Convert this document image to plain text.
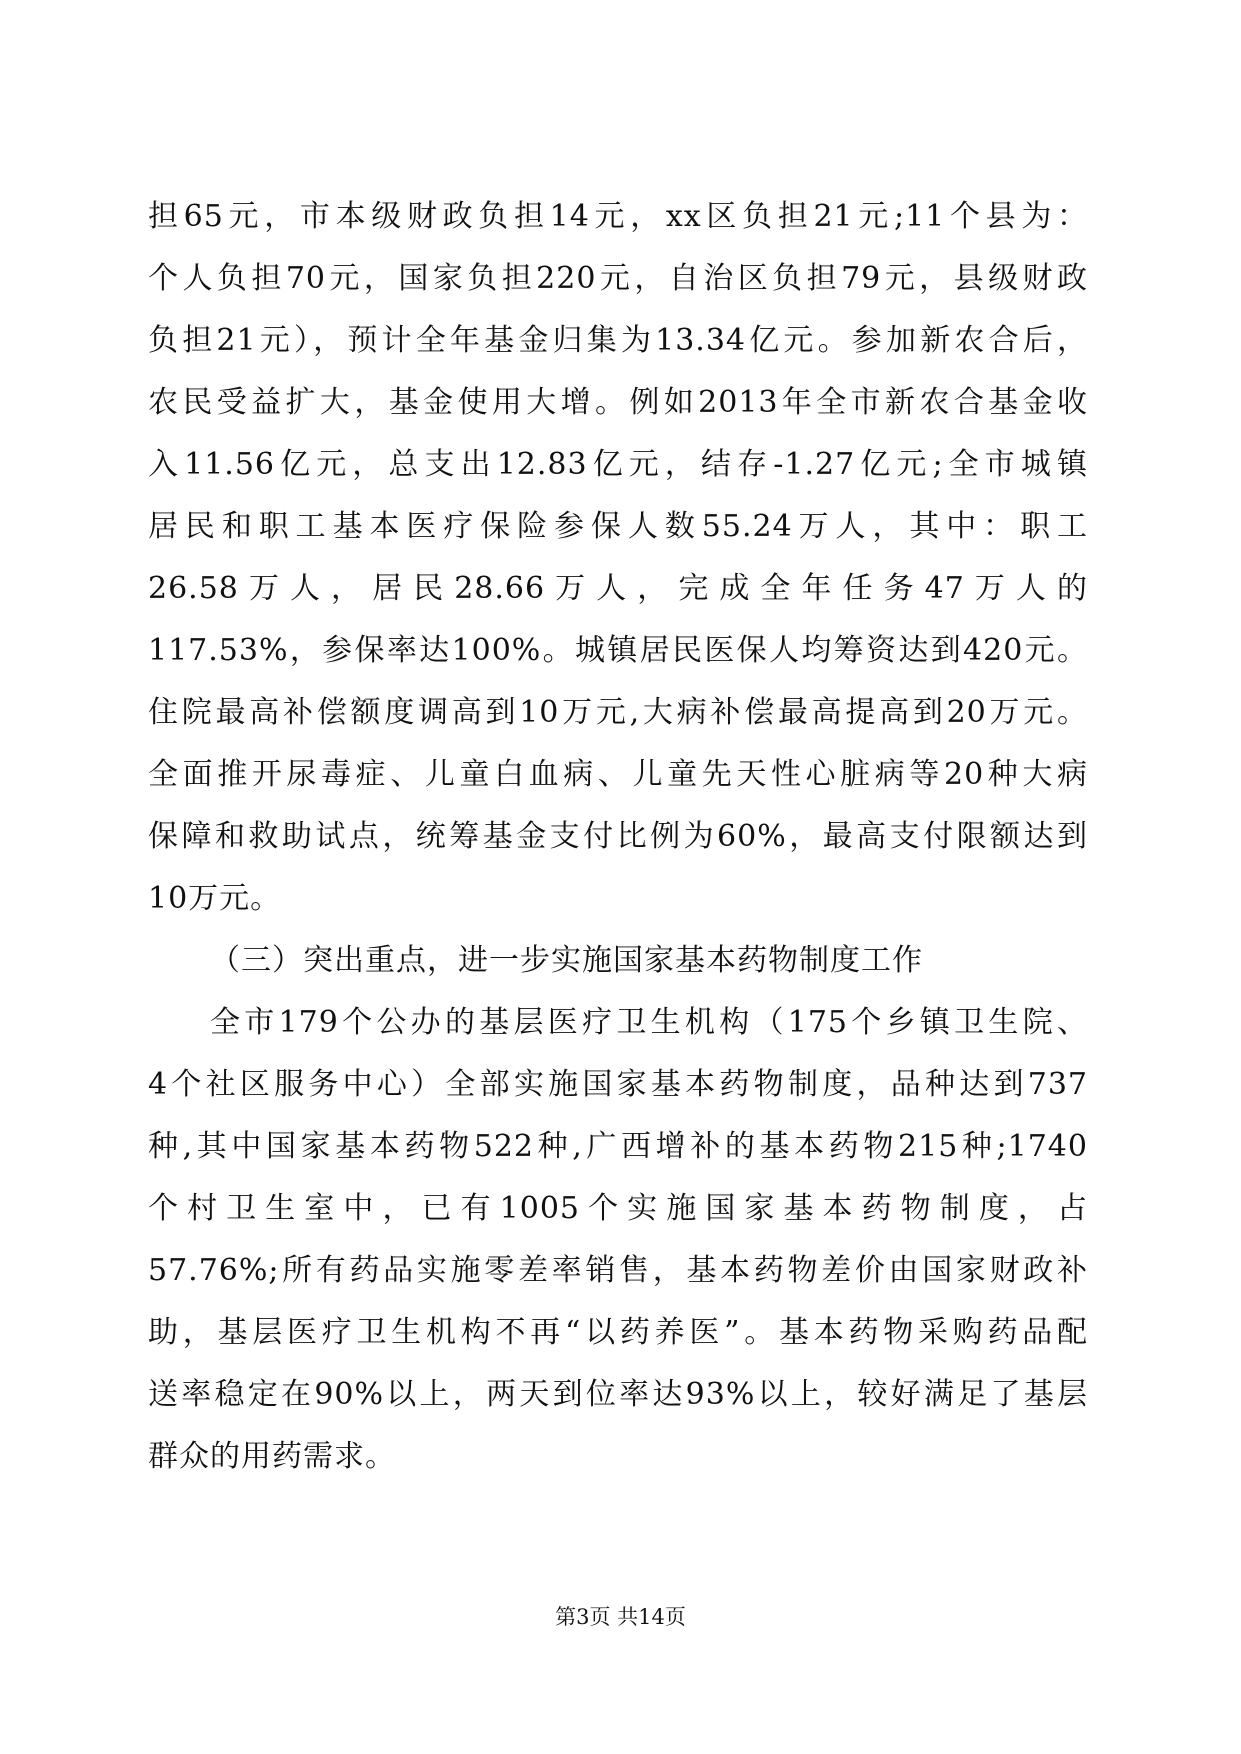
担65元，市本级财政负担14元，xx区负担21元;11个县为：
个人负担70元，国家负担220元，自治区负担79元，县级财政
负担21元），预计全年基金归集为13.34亿元。参加新农合后，
农民受益扩大，基金使用大增。例如2013年全市新农合基金收
入11.56亿元，总支出12.83亿元，结存-1.27亿元;全市城镇
居民和职工基本医疗保险参保人数55.24万人，其中：职工
26.58万人，居民28.66万人，完成全年任务47万人的
117.53%，参保率达100%。城镇居民医保人均筹资达到420元。
住院最高补偿额度调高到10万元,大病补偿最高提高到20万元。
全面推开尿毒症、儿童白血病、儿童先天性心脏病等20种大病
保障和救助试点，统筹基金支付比例为60%，最高支付限额达到
10万元。
（三）突出重点，进一步实施国家基本药物制度工作
全市179个公办的基层医疗卫生机构（175个乡镇卫生院、
4个社区服务中心）全部实施国家基本药物制度，品种达到737
种,其中国家基本药物522种,广西增补的基本药物215种;1740
个村卫生室中，已有1005个实施国家基本药物制度，占
57.76%;所有药品实施零差率销售，基本药物差价由国家财政补
助，基层医疗卫生机构不再“以药养医”。基本药物采购药品配
送率稳定在90%以上，两天到位率达93%以上，较好满足了基层
群众的用药需求。
第3页 共14页
